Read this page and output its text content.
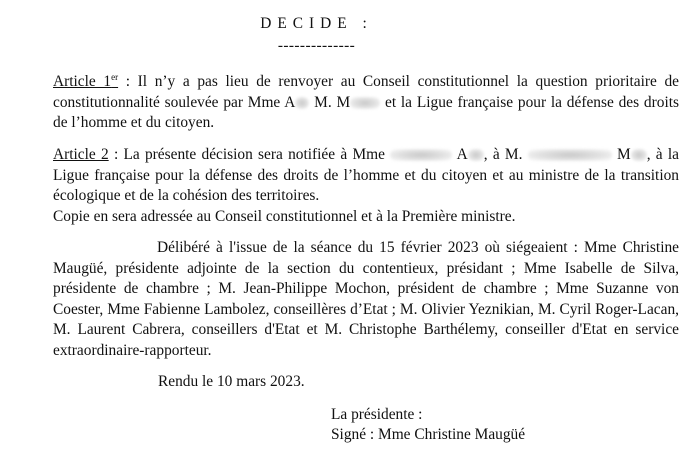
DECIDE :
--------------

Article 1er : Il n’y a pas lieu de renvoyer au Conseil constitutionnel la question prioritaire de constitutionnalité soulevée par Mme A M. M et la Ligue française pour la défense des droits de l’homme et du citoyen.

Article 2 : La présente décision sera notifiée à Mme	A , à M.	M , à la Ligue française pour la défense des droits de l’homme et du citoyen et au ministre de la transition écologique et de la cohésion des territoires.
Copie en sera adressée au Conseil constitutionnel et à la Première ministre.

Délibéré à l'issue de la séance du 15 février 2023 où siégeaient : Mme Christine Maugüé, présidente adjointe de la section du contentieux, présidant ; Mme Isabelle de Silva, présidente de chambre ; M. Jean-Philippe Mochon, président de chambre ; Mme Suzanne von Coester, Mme Fabienne Lambolez, conseillères d’Etat ; M. Olivier Yeznikian, M. Cyril Roger-Lacan, M. Laurent Cabrera, conseillers d'Etat et M. Christophe Barthélemy, conseiller d'Etat en service extraordinaire-rapporteur.

Rendu le 10 mars 2023.
La présidente :
Signé : Mme Christine Maugüé
